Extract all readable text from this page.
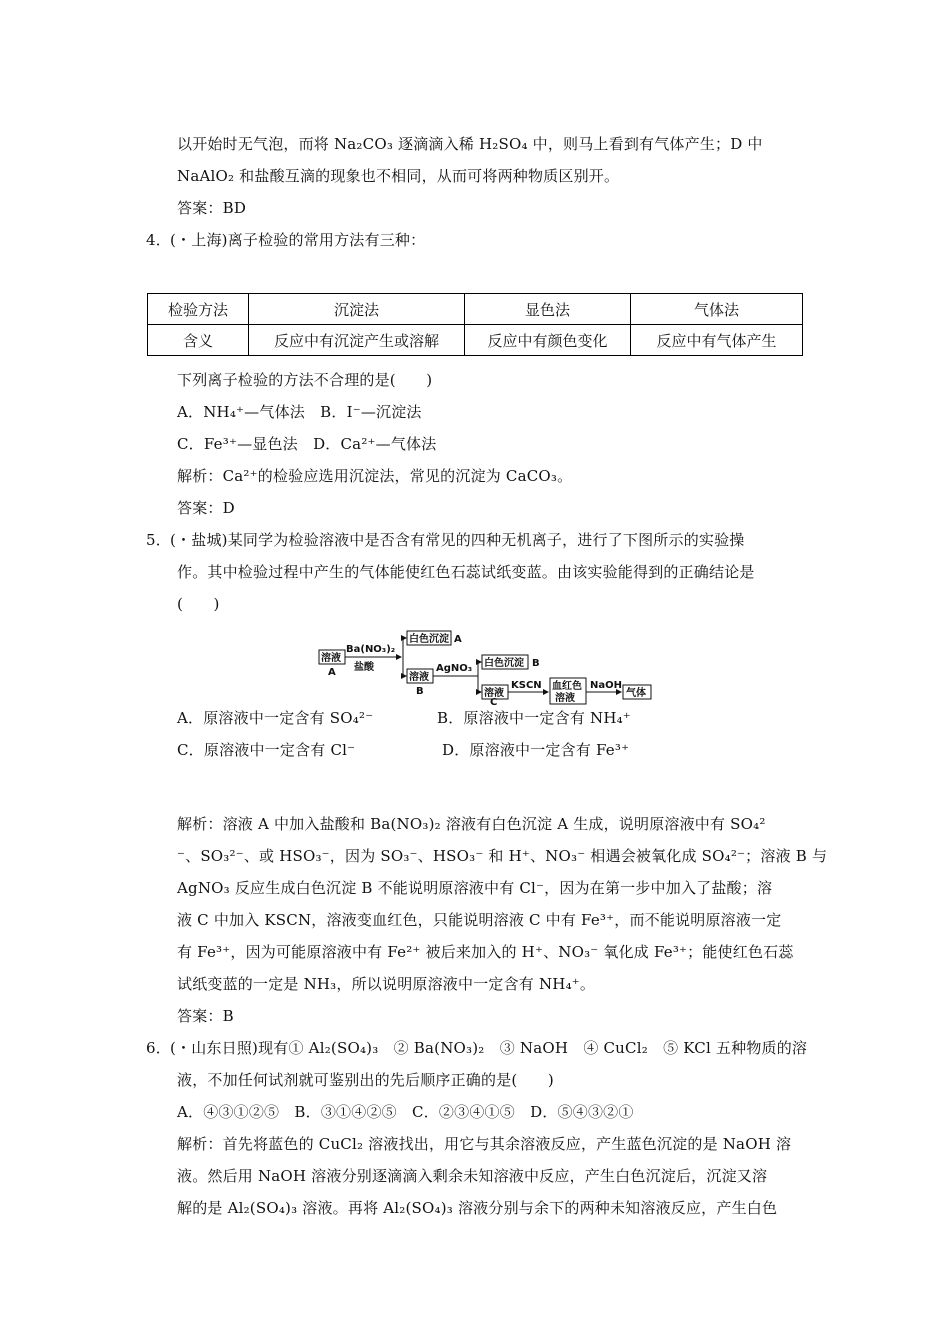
以开始时无气泡，而将 Na₂CO₃ 逐滴滴入稀 H₂SO₄ 中，则马上看到有气体产生；D 中
NaAlO₂ 和盐酸互滴的现象也不相同，从而可将两种物质区别开。
答案：BD
4． (・上海)离子检验的常用方法有三种：
检验方法	沉淀法	显色法	气体法
含义	反应中有沉淀产生或溶解	反应中有颜色变化	反应中有气体产生
下列离子检验的方法不合理的是(　　)
A．NH₄⁺—气体法　B．I⁻—沉淀法
C．Fe³⁺—显色法　D．Ca²⁺—气体法
解析：Ca²⁺的检验应选用沉淀法，常见的沉淀为 CaCO₃。
答案：D
5． (・盐城)某同学为检验溶液中是否含有常见的四种无机离子，进行了下图所示的实验操
作。其中检验过程中产生的气体能使红色石蕊试纸变蓝。由该实验能得到的正确结论是
(　　)
溶液
A
Ba(NO₃)₂
盐酸
白色沉淀 A
溶液
B
AgNO₃ 白色沉淀 B
溶液
C
KSCN 血红色
溶液
NaOH
气体
A．原溶液中一定含有 SO₄²⁻	B．原溶液中一定含有 NH₄⁺
C．原溶液中一定含有 Cl⁻	D．原溶液中一定含有 Fe³⁺
解析：溶液 A 中加入盐酸和 Ba(NO₃)₂ 溶液有白色沉淀 A 生成，说明原溶液中有 SO₄²
⁻、SO₃²⁻、或 HSO₃⁻，因为 SO₃⁻、HSO₃⁻ 和 H⁺、NO₃⁻ 相遇会被氧化成 SO₄²⁻；溶液 B 与
AgNO₃ 反应生成白色沉淀 B 不能说明原溶液中有 Cl⁻，因为在第一步中加入了盐酸；溶
液 C 中加入 KSCN，溶液变血红色，只能说明溶液 C 中有 Fe³⁺，而不能说明原溶液一定
有 Fe³⁺，因为可能原溶液中有 Fe²⁺ 被后来加入的 H⁺、NO₃⁻ 氧化成 Fe³⁺；能使红色石蕊
试纸变蓝的一定是 NH₃，所以说明原溶液中一定含有 NH₄⁺。
答案：B
6． (・山东日照)现有① Al₂(SO₄)₃　② Ba(NO₃)₂　③ NaOH　④ CuCl₂　⑤ KCl 五种物质的溶
液，不加任何试剂就可鉴别出的先后顺序正确的是(　　)
A．④③①②⑤　B．③①④②⑤　C．②③④①⑤　D．⑤④③②①
解析：首先将蓝色的 CuCl₂ 溶液找出，用它与其余溶液反应，产生蓝色沉淀的是 NaOH 溶
液。然后用 NaOH 溶液分别逐滴滴入剩余未知溶液中反应，产生白色沉淀后，沉淀又溶
解的是 Al₂(SO₄)₃ 溶液。再将 Al₂(SO₄)₃ 溶液分别与余下的两种未知溶液反应，产生白色
